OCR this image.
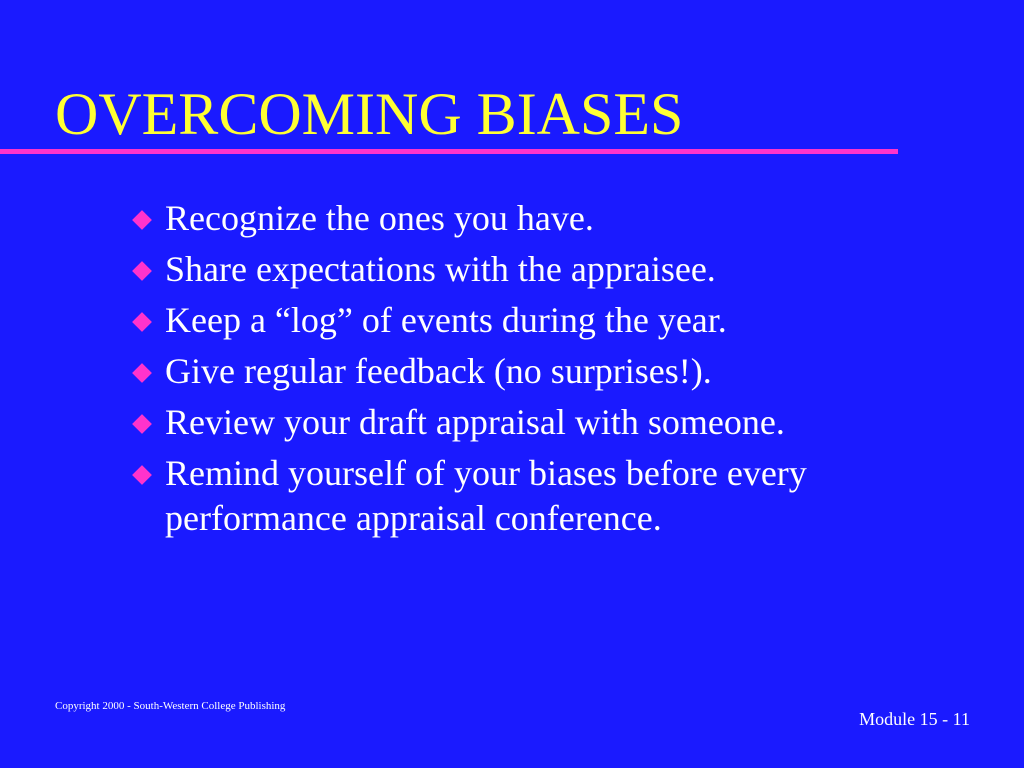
OVERCOMING BIASES
Recognize the ones you have.
Share expectations with the appraisee.
Keep a “log” of events during the year.
Give regular feedback (no surprises!).
Review your draft appraisal with someone.
Remind yourself of your biases before every performance appraisal conference.
Copyright 2000 - South-Western College Publishing
Module 15 - 11
